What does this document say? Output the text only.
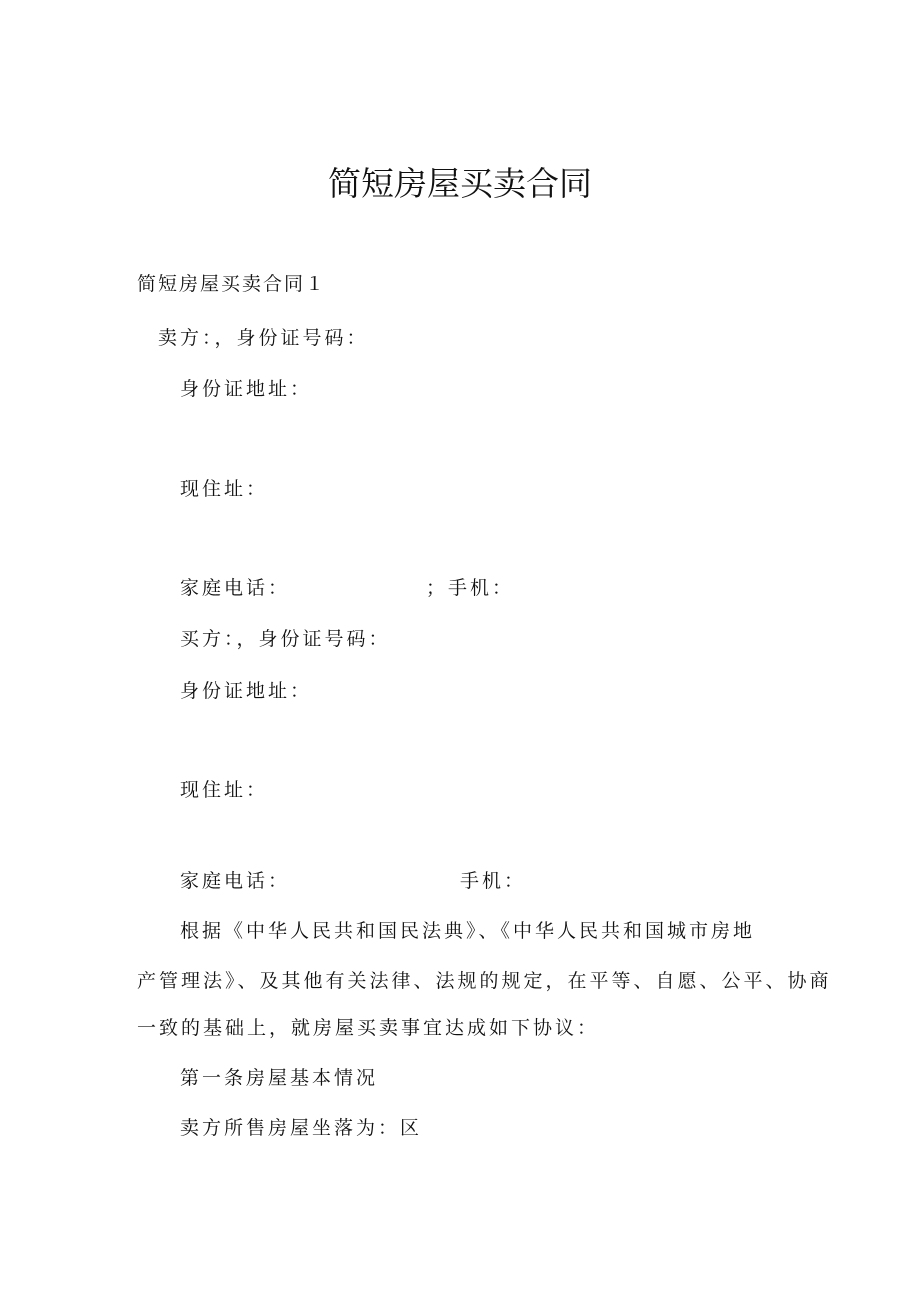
简短房屋买卖合同

简短房屋买卖合同１

卖方：，身份证号码：

身份证地址：

现住址：

家庭电话：	；手机：

买方：，身份证号码：

身份证地址：

现住址：

家庭电话：	手机：

根据《中华人民共和国民法典》、《中华人民共和国城市房地

产管理法》、及其他有关法律、法规的规定，在平等、自愿、公平、协商

一致的基础上，就房屋买卖事宜达成如下协议：

第一条房屋基本情况

卖方所售房屋坐落为：区
